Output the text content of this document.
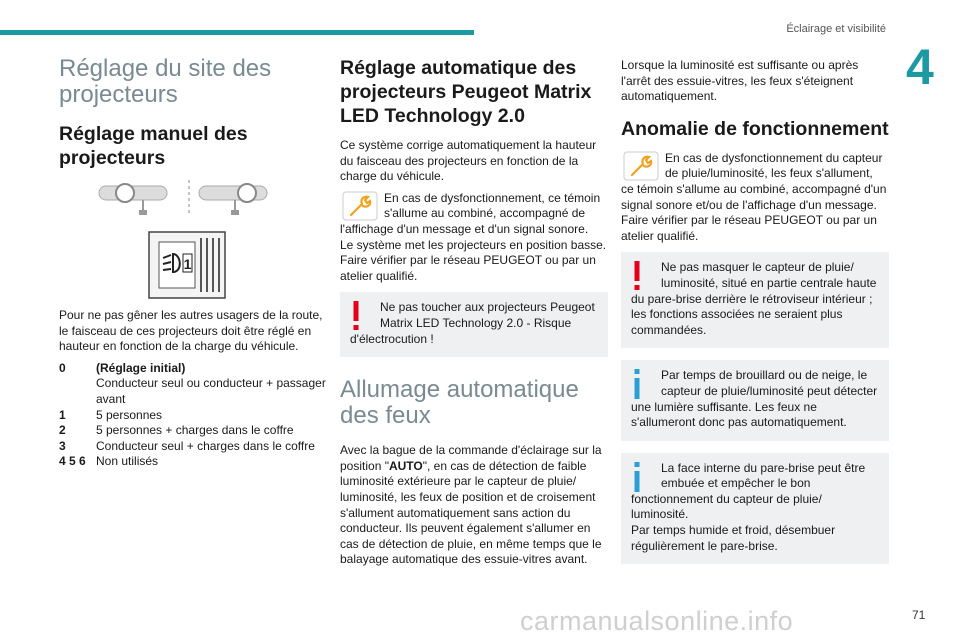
Éclairage et visibilité
4
carmanualsonline.info	71
Réglage du site des projecteurs
Réglage manuel des projecteurs
1

Pour ne pas gêner les autres usagers de la route, le faisceau de ces projecteurs doit être réglé en hauteur en fonction de la charge du véhicule.

0	(Réglage initial)
Conducteur seul ou conducteur + passager avant
1	5 personnes
2	5 personnes + charges dans le coffre
3	Conducteur seul + charges dans le coffre
4 5 6 Non utilisés
Réglage automatique des projecteurs Peugeot Matrix LED Technology 2.0

Ce système corrige automatiquement la hauteur du faisceau des projecteurs en fonction de la charge du véhicule.

En cas de dysfonctionnement, ce témoin s'allume au combiné, accompagné de

l'affichage d'un message et d'un signal sonore.
Le système met les projecteurs en position basse.
Faire vérifier par le réseau PEUGEOT ou par un atelier qualifié.
Ne pas toucher aux projecteurs Peugeot Matrix LED Technology 2.0 - Risque
d'électrocution !
Allumage automatique des feux

Avec la bague de la commande d'éclairage sur la position "AUTO", en cas de détection de faible luminosité extérieure par le capteur de pluie/ luminosité, les feux de position et de croisement s'allument automatiquement sans action du conducteur. Ils peuvent également s'allumer en cas de détection de pluie, en même temps que le balayage automatique des essuie-vitres avant.

Lorsque la luminosité est suffisante ou après l'arrêt des essuie-vitres, les feux s'éteignent automatiquement.

Anomalie de fonctionnement
En cas de dysfonctionnement du capteur de pluie/luminosité, les feux s'allument,

ce témoin s'allume au combiné, accompagné d'un signal sonore et/ou de l'affichage d'un message.
Faire vérifier par le réseau PEUGEOT ou par un atelier qualifié.
Ne pas masquer le capteur de pluie/ luminosité, situé en partie centrale haute
du pare-brise derrière le rétroviseur intérieur ; les fonctions associées ne seraient plus commandées.
Par temps de brouillard ou de neige, le capteur de pluie/luminosité peut détecter
une lumière suffisante. Les feux ne s'allumeront donc pas automatiquement.
La face interne du pare-brise peut être embuée et empêcher le bon
fonctionnement du capteur de pluie/ luminosité.
Par temps humide et froid, désembuer régulièrement le pare-brise.
